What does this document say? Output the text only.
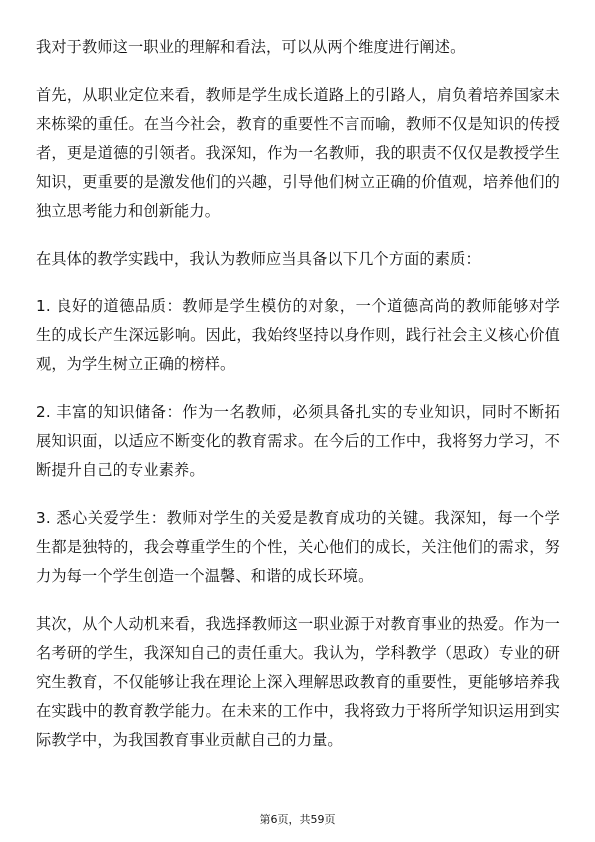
我对于教师这一职业的理解和看法，可以从两个维度进行阐述。

首先，从职业定位来看，教师是学生成长道路上的引路人，肩负着培养国家未来栋梁的重任。在当今社会，教育的重要性不言而喻，教师不仅是知识的传授者，更是道德的引领者。我深知，作为一名教师，我的职责不仅仅是教授学生知识，更重要的是激发他们的兴趣，引导他们树立正确的价值观，培养他们的独立思考能力和创新能力。

在具体的教学实践中，我认为教师应当具备以下几个方面的素质：

1. 良好的道德品质：教师是学生模仿的对象，一个道德高尚的教师能够对学生的成长产生深远影响。因此，我始终坚持以身作则，践行社会主义核心价值观，为学生树立正确的榜样。

2. 丰富的知识储备：作为一名教师，必须具备扎实的专业知识，同时不断拓展知识面，以适应不断变化的教育需求。在今后的工作中，我将努力学习，不断提升自己的专业素养。

3. 悉心关爱学生：教师对学生的关爱是教育成功的关键。我深知，每一个学生都是独特的，我会尊重学生的个性，关心他们的成长，关注他们的需求，努力为每一个学生创造一个温馨、和谐的成长环境。

其次，从个人动机来看，我选择教师这一职业源于对教育事业的热爱。作为一名考研的学生，我深知自己的责任重大。我认为，学科教学（思政）专业的研究生教育，不仅能够让我在理论上深入理解思政教育的重要性，更能够培养我在实践中的教育教学能力。在未来的工作中，我将致力于将所学知识运用到实际教学中，为我国教育事业贡献自己的力量。

第6页，共59页
